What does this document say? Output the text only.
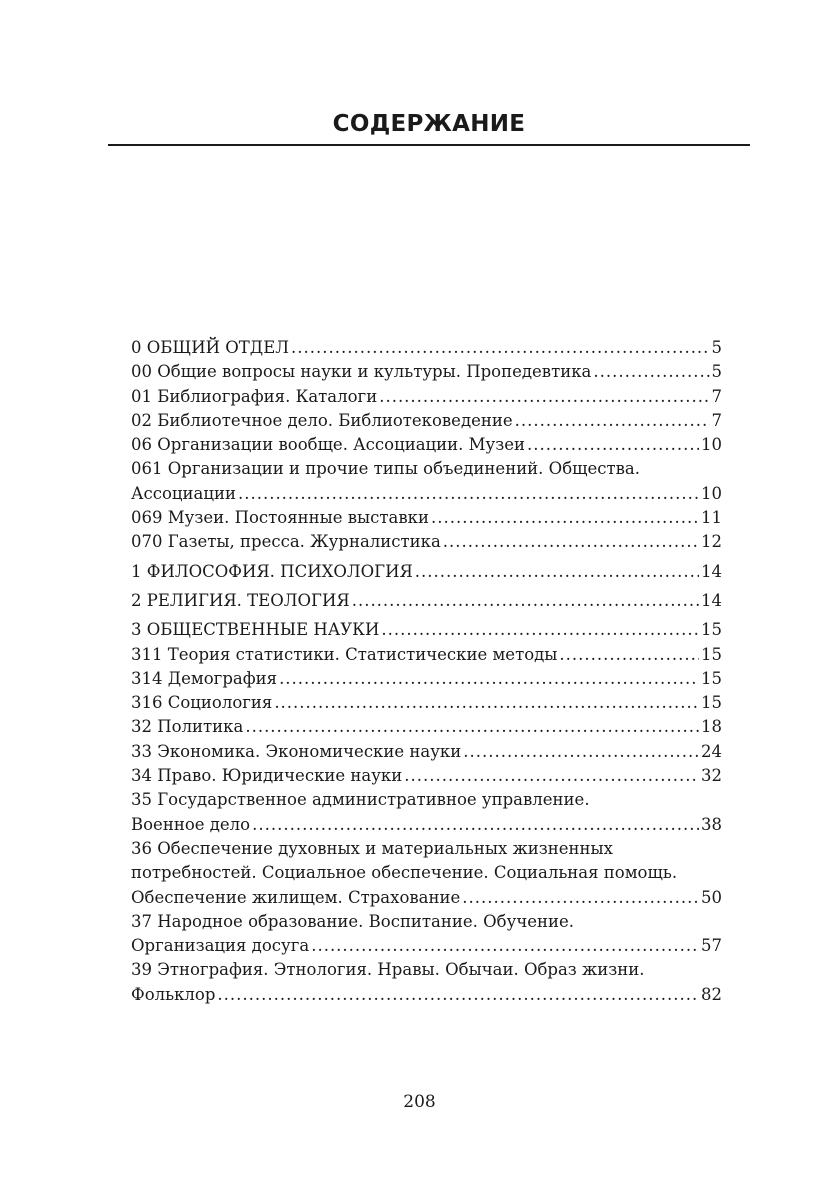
СОДЕРЖАНИЕ
0 ОБЩИЙ ОТДЕЛ .....	5
00 Общие вопросы науки и культуры. Пропедевтика .....	5
01 Библиография. Каталоги .....	7
02 Библиотечное дело. Библиотековедение .....	7
06 Организации вообще. Ассоциации. Музеи .....	10
061 Организации и прочие типы объединений. Общества.
Ассоциации .....	10
069 Музеи. Постоянные выставки .....	11
070 Газеты, пресса. Журналистика .....	12
1 ФИЛОСОФИЯ. ПСИХОЛОГИЯ .....	14
2 РЕЛИГИЯ. ТЕОЛОГИЯ .....	14
3 ОБЩЕСТВЕННЫЕ НАУКИ .....	15
311 Теория статистики. Статистические методы .....	15
314 Демография .....	15
316 Социология .....	15
32 Политика .....	18
33 Экономика. Экономические науки .....	24
34 Право. Юридические науки .....	32
35 Государственное административное управление.
Военное дело .....	38
36 Обеспечение духовных и материальных жизненных
потребностей. Социальное обеспечение. Социальная помощь.
Обеспечение жилищем. Страхование .....	50
37 Народное образование. Воспитание. Обучение.
Организация досуга .....	57
39 Этнография. Этнология. Нравы. Обычаи. Образ жизни.
Фольклор .....	82
208
